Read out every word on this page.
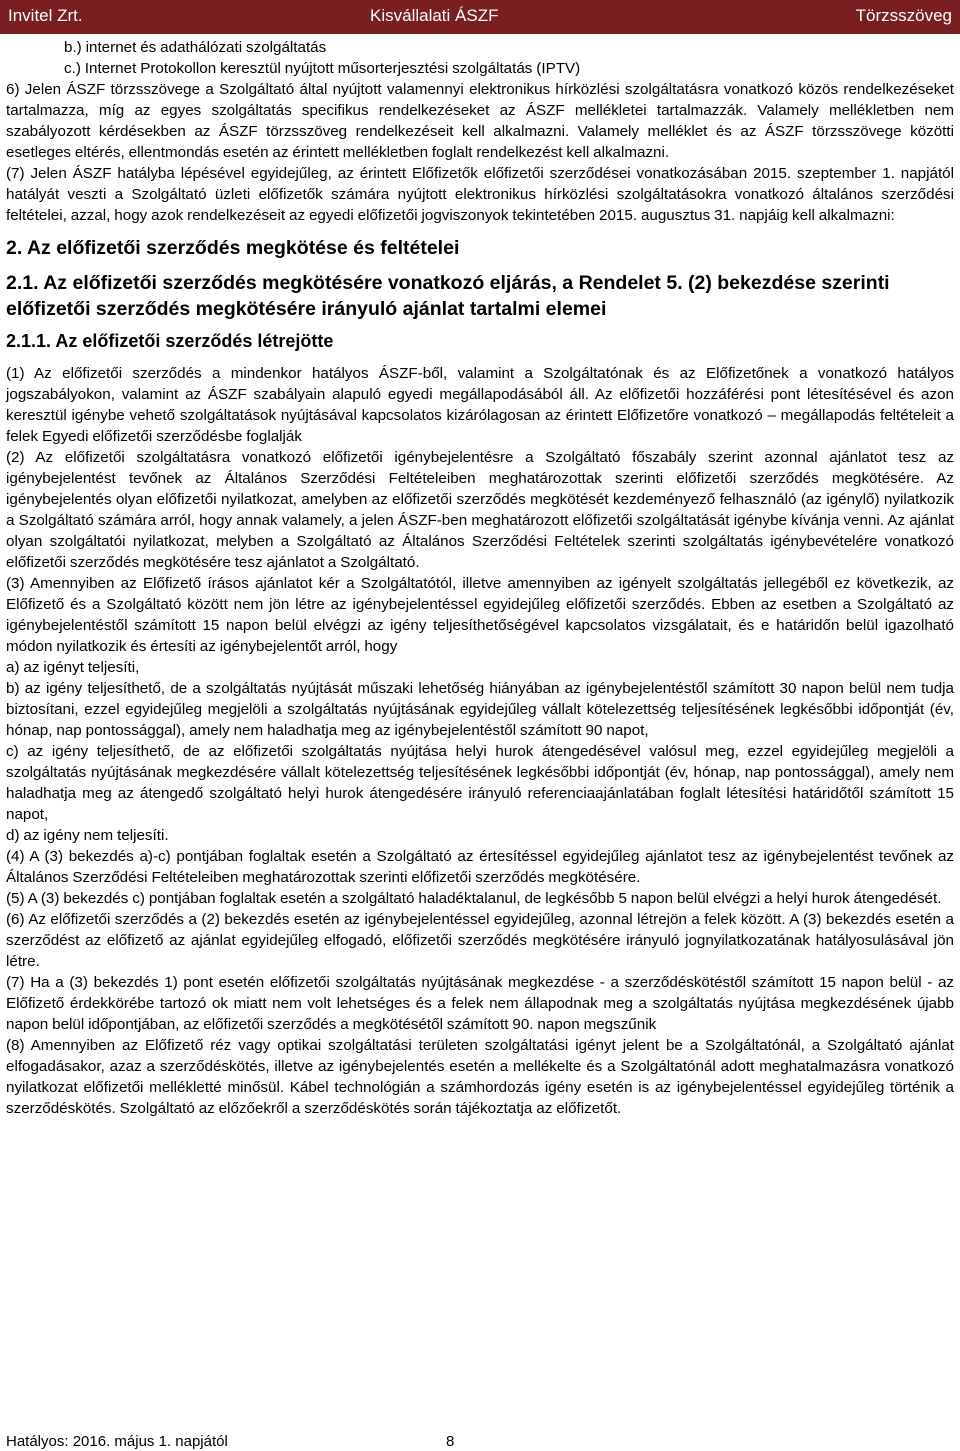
Invitel Zrt.	Kisvállalati ÁSZF	Törzsszöveg

b.) internet és adathálózati szolgáltatás

c.) Internet Protokollon keresztül nyújtott műsorterjesztési szolgáltatás (IPTV)

6) Jelen ÁSZF törzsszövege a Szolgáltató által nyújtott valamennyi elektronikus hírközlési szolgáltatásra vonatkozó közös rendelkezéseket tartalmazza, míg az egyes szolgáltatás specifikus rendelkezéseket az ÁSZF mellékletei tartalmazzák. Valamely mellékletben nem szabályozott kérdésekben az ÁSZF törzsszöveg rendelkezéseit kell alkalmazni. Valamely melléklet és az ÁSZF törzsszövege közötti esetleges eltérés, ellentmondás esetén az érintett mellékletben foglalt rendelkezést kell alkalmazni.

(7) Jelen ÁSZF hatályba lépésével egyidejűleg, az érintett Előfizetők előfizetői szerződései vonatkozásában 2015. szeptember 1. napjától hatályát veszti a Szolgáltató üzleti előfizetők számára nyújtott elektronikus hírközlési szolgáltatásokra vonatkozó általános szerződési feltételei, azzal, hogy azok rendelkezéseit az egyedi előfizetői jogviszonyok tekintetében 2015. augusztus 31. napjáig kell alkalmazni:

2. Az előfizetői szerződés megkötése és feltételei
2.1. Az előfizetői szerződés megkötésére vonatkozó eljárás, a Rendelet 5. (2) bekezdése szerinti előfizetői szerződés megkötésére irányuló ajánlat tartalmi elemei
2.1.1. Az előfizetői szerződés létrejötte

(1) Az előfizetői szerződés a mindenkor hatályos ÁSZF-ből, valamint a Szolgáltatónak és az Előfizetőnek a vonatkozó hatályos jogszabályokon, valamint az ÁSZF szabályain alapuló egyedi megállapodásából áll. Az előfizetői hozzáférési pont létesítésével és azon keresztül igénybe vehető szolgáltatások nyújtásával kapcsolatos kizárólagosan az érintett Előfizetőre vonatkozó – megállapodás feltételeit a felek Egyedi előfizetői szerződésbe foglalják

(2) Az előfizetői szolgáltatásra vonatkozó előfizetői igénybejelentésre a Szolgáltató főszabály szerint azonnal ajánlatot tesz az igénybejelentést tevőnek az Általános Szerződési Feltételeiben meghatározottak szerinti előfizetői szerződés megkötésére. Az igénybejelentés olyan előfizetői nyilatkozat, amelyben az előfizetői szerződés megkötését kezdeményező felhasználó (az igénylő) nyilatkozik a Szolgáltató számára arról, hogy annak valamely, a jelen ÁSZF-ben meghatározott előfizetői szolgáltatását igénybe kívánja venni. Az ajánlat olyan szolgáltatói nyilatkozat, melyben a Szolgáltató az Általános Szerződési Feltételek szerinti szolgáltatás igénybevételére vonatkozó előfizetői szerződés megkötésére tesz ajánlatot a Szolgáltató.

(3) Amennyiben az Előfizető írásos ajánlatot kér a Szolgáltatótól, illetve amennyiben az igényelt szolgáltatás jellegéből ez következik, az Előfizető és a Szolgáltató között nem jön létre az igénybejelentéssel egyidejűleg előfizetői szerződés. Ebben az esetben a Szolgáltató az igénybejelentéstől számított 15 napon belül elvégzi az igény teljesíthetőségével kapcsolatos vizsgálatait, és e határidőn belül igazolható módon nyilatkozik és értesíti az igénybejelentőt arról, hogy

a) az igényt teljesíti,

b) az igény teljesíthető, de a szolgáltatás nyújtását műszaki lehetőség hiányában az igénybejelentéstől számított 30 napon belül nem tudja biztosítani, ezzel egyidejűleg megjelöli a szolgáltatás nyújtásának egyidejűleg vállalt kötelezettség teljesítésének legkésőbbi időpontját (év, hónap, nap pontossággal), amely nem haladhatja meg az igénybejelentéstől számított 90 napot,

c) az igény teljesíthető, de az előfizetői szolgáltatás nyújtása helyi hurok átengedésével valósul meg, ezzel egyidejűleg megjelöli a szolgáltatás nyújtásának megkezdésére vállalt kötelezettség teljesítésének legkésőbbi időpontját (év, hónap, nap pontossággal), amely nem haladhatja meg az átengedő szolgáltató helyi hurok átengedésére irányuló referenciaajánlatában foglalt létesítési határidőtől számított 15 napot,

d) az igény nem teljesíti.

(4) A (3) bekezdés a)-c) pontjában foglaltak esetén a Szolgáltató az értesítéssel egyidejűleg ajánlatot tesz az igénybejelentést tevőnek az Általános Szerződési Feltételeiben meghatározottak szerinti előfizetői szerződés megkötésére.

(5) A (3) bekezdés c) pontjában foglaltak esetén a szolgáltató haladéktalanul, de legkésőbb 5 napon belül elvégzi a helyi hurok átengedését.

(6) Az előfizetői szerződés a (2) bekezdés esetén az igénybejelentéssel egyidejűleg, azonnal létrejön a felek között. A (3) bekezdés esetén a szerződést az előfizető az ajánlat egyidejűleg elfogadó, előfizetői szerződés megkötésére irányuló jognyilatkozatának hatályosulásával jön létre.

(7) Ha a (3) bekezdés 1) pont esetén előfizetői szolgáltatás nyújtásának megkezdése - a szerződéskötéstől számított 15 napon belül - az Előfizető érdekkörébe tartozó ok miatt nem volt lehetséges és a felek nem állapodnak meg a szolgáltatás nyújtása megkezdésének újabb napon belül időpontjában, az előfizetői szerződés a megkötésétől számított 90. napon megszűnik

(8) Amennyiben az Előfizető réz vagy optikai szolgáltatási területen szolgáltatási igényt jelent be a Szolgáltatónál, a Szolgáltató ajánlat elfogadásakor, azaz a szerződéskötés, illetve az igénybejelentés esetén a mellékelte és a Szolgáltatónál adott meghatalmazásra vonatkozó nyilatkozat előfizetői mellékletté minősül. Kábel technológián a számhordozás igény esetén is az igénybejelentéssel egyidejűleg történik a szerződéskötés. Szolgáltató az előzőekről a szerződéskötés során tájékoztatja az előfizetőt.

Hatályos: 2016. május 1. napjától	8
